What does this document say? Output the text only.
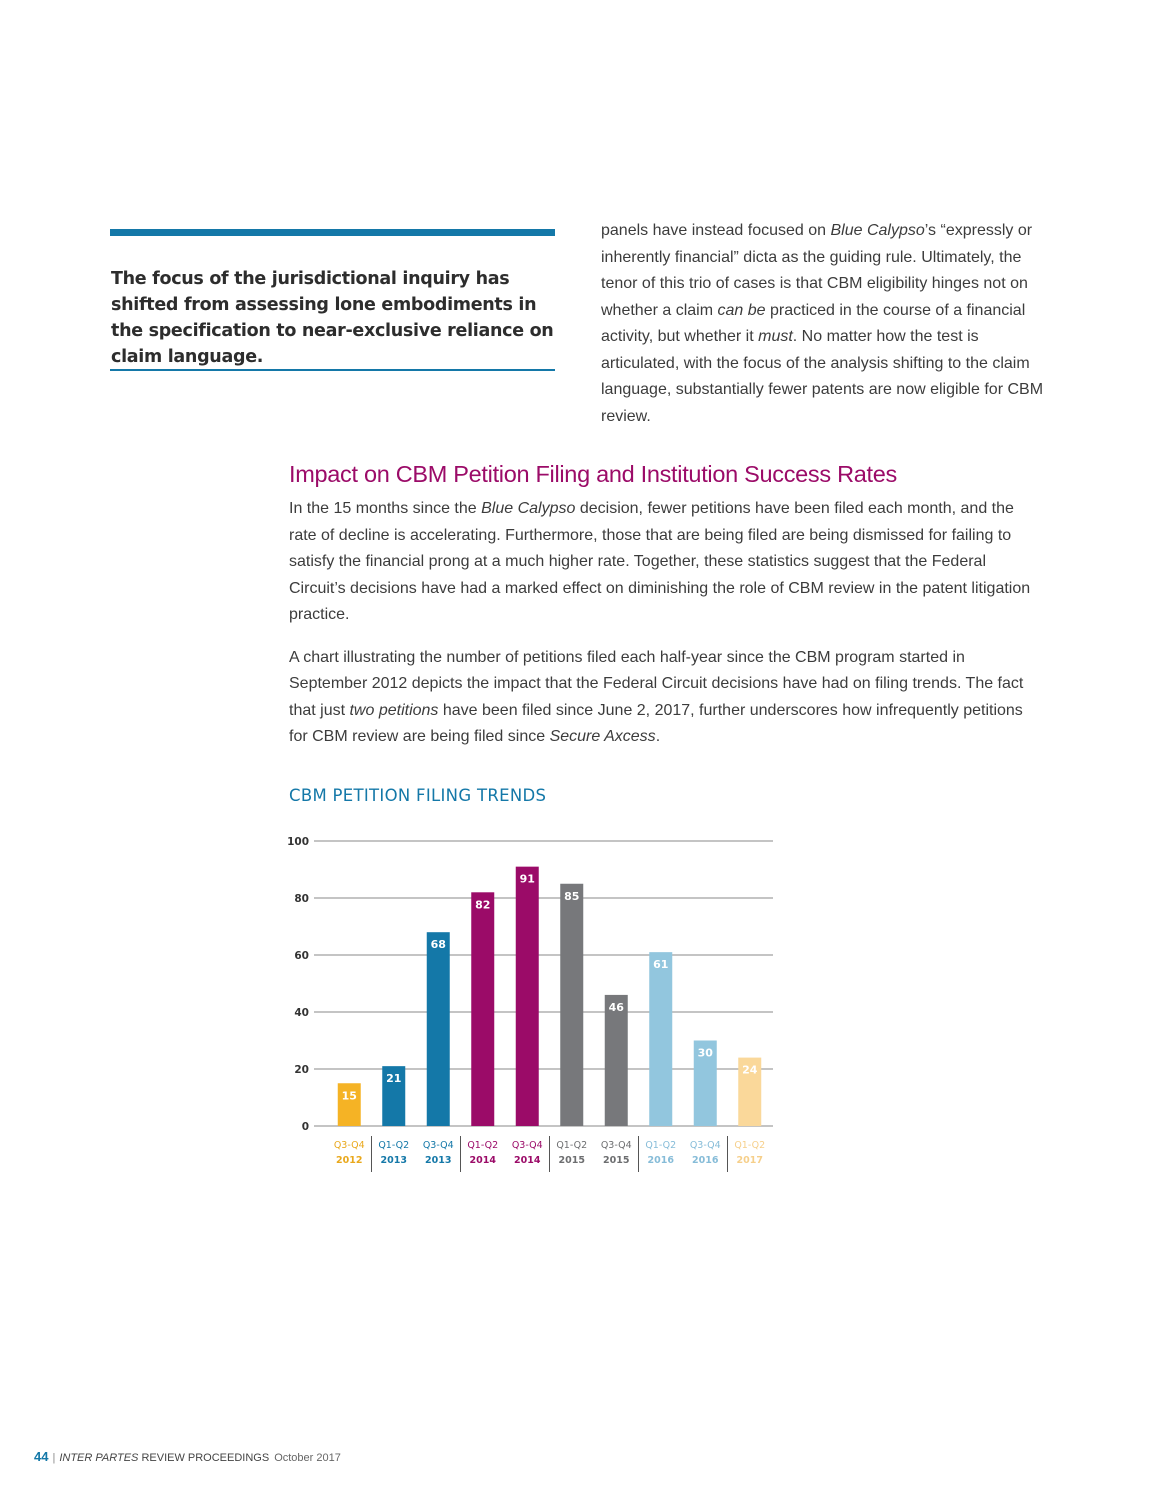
The focus of the jurisdictional inquiry has shifted from assessing lone embodiments in the specification to near-exclusive reliance on claim language.

panels have instead focused on Blue Calypso’s “expressly or inherently financial” dicta as the guiding rule. Ultimately, the tenor of this trio of cases is that CBM eligibility hinges not on whether a claim can be practiced in the course of a financial activity, but whether it must. No matter how the test is articulated, with the focus of the analysis shifting to the claim language, substantially fewer patents are now eligible for CBM review.

Impact on CBM Petition Filing and Institution Success Rates

In the 15 months since the Blue Calypso decision, fewer petitions have been filed each month, and the rate of decline is accelerating. Furthermore, those that are being filed are being dismissed for failing to satisfy the financial prong at a much higher rate. Together, these statistics suggest that the Federal Circuit’s decisions have had a marked effect on diminishing the role of CBM review in the patent litigation practice.

A chart illustrating the number of petitions filed each half-year since the CBM program started in September 2012 depicts the impact that the Federal Circuit decisions have had on filing trends. The fact that just two petitions have been filed since June 2, 2017, further underscores how infrequently petitions for CBM review are being filed since Secure Axcess.

CBM PETITION FILING TRENDS
0
20
40
60
80
100
15
Q3-Q4
2012
21
Q1-Q2
2013
68
Q3-Q4
2013
82
Q1-Q2
2014
91
Q3-Q4
2014
85
Q1-Q2
2015
46
Q3-Q4
2015
61
Q1-Q2
2016
30
Q3-Q4
2016
24
Q1-Q2
2017
44 | INTER PARTES REVIEW PROCEEDINGS October 2017
